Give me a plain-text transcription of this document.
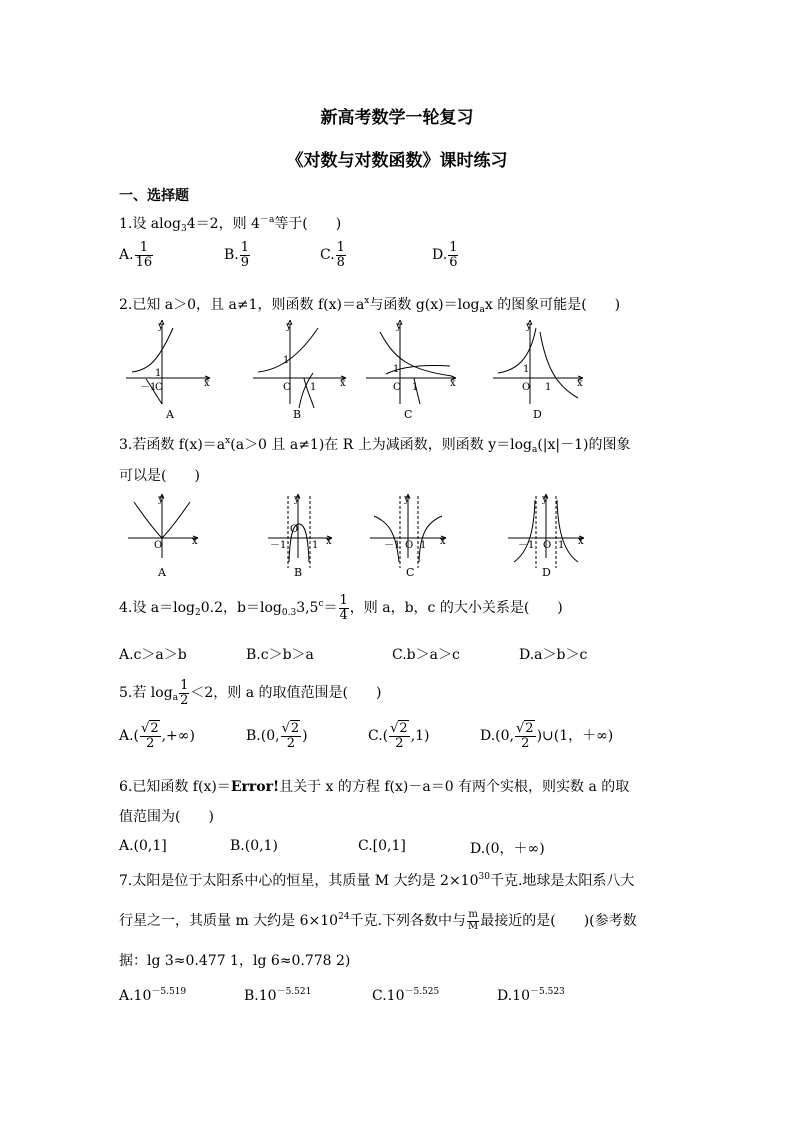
新高考数学一轮复习
《对数与对数函数》课时练习
一、选择题
1.设 alog$_3$4＝2，则 $4^{-a}$等于(　　)
A. $\frac{1}{16}$	B. $\frac{1}{9}$	C. $\frac{1}{8}$	D. $\frac{1}{6}$
2.已知 a＞0，且 a≠1，则函数 $f(x)=a^x$与函数 $g(x)=\log_ax$ 的图象可能是(　　)
y
x
1
O
－1
y
x
1
O 1
y
x
1
O 1
y
x
1
O 1
A	B	C	D
3.若函数 $f(x)=a^x(a>0$ 且 a≠1)在 R 上为减函数，则函数 $y=\log_a(|x|-1)$的图象
可以是(　　)
y
x
O
y
x
O
－1	1
y
x
O
－1 1
y
x
O
－1 1
A	B	C	D
4.设 $a=\log_20.2$，$b=\log_{0.3}3,5^c= \frac{1}{4}$ ，则 a，b，c 的大小关系是(　　)
A.c＞a＞b	B.c＞b＞a	C.b＞a＞c	D.a＞b＞c
5.若 $\log_a \frac{1}{2} <2$，则 a 的取值范围是(　　)
$A.( \frac{√2}{2}$ ,+∞)	B.(0, $\frac{√2}{2}$ )	$C.( \frac{√2}{2} ,1)$	D.(0, $\frac{√2}{2}$ )∪(1，＋∞)
6.已知函数 f(x)＝Error!且关于 x 的方程 f(x)－a＝0 有两个实根，则实数 a 的取
值范围为(　　)
A.(0,1]	B.(0,1)	C.[0,1]	D.(0，＋∞)
7.太阳是位于太阳系中心的恒星，其质量 M 大约是 $2\times 10^{30}$千克.地球是太阳系八大
行星之一，其质量 m 大约是 $6\times 10^{24}$千克.下列各数中与 $\frac{m}{M}$ 最接近的是(　　)(参考数
据：lg 3≈0.477 1，lg 6≈0.778 2)
$A.10^{-5.519}$	$B.10^{-5.521}$	$C.10^{-5.525}$	$D.10^{-5.523}$
